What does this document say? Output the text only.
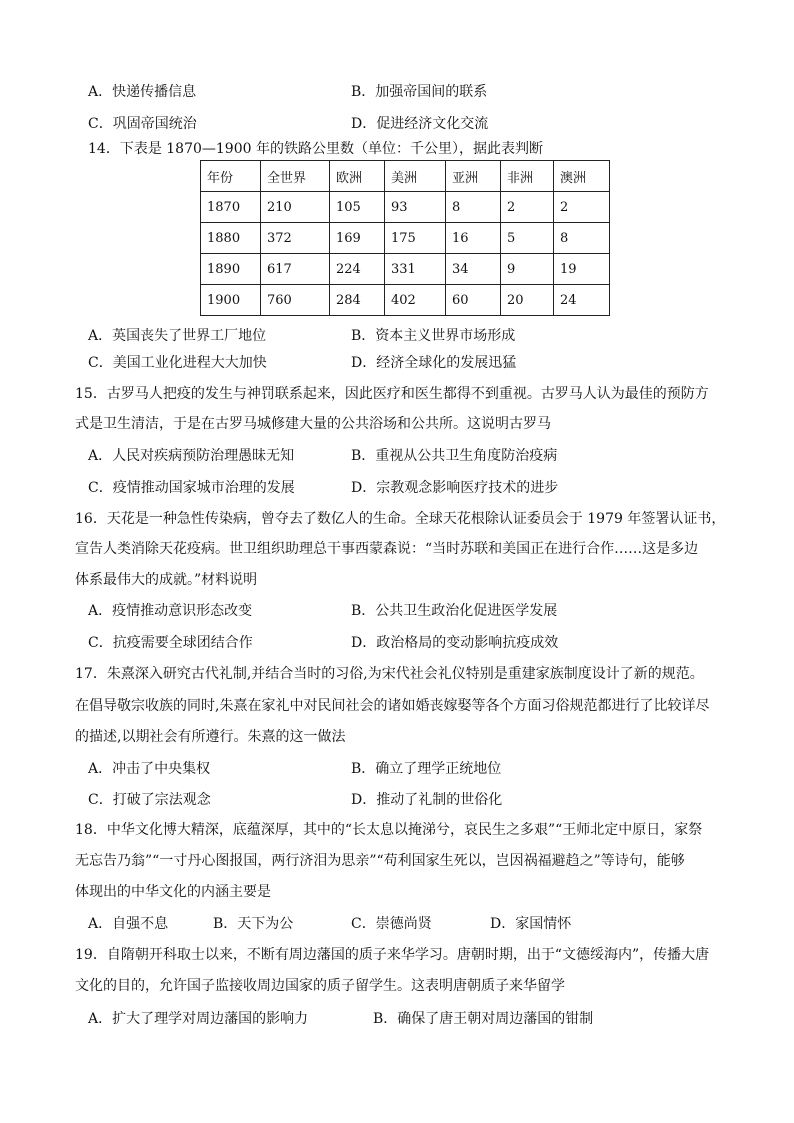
A．快递传播信息	B．加强帝国间的联系
C．巩固帝国统治	D．促进经济文化交流
14．下表是 1870—1900 年的铁路公里数（单位：千公里），据此表判断
年份	全世界	欧洲	美洲	亚洲	非洲	澳洲
1870	210	105	93	8	2	2
1880	372	169	175	16	5	8
1890	617	224	331	34	9	19
1900	760	284	402	60	20	24
A．英国丧失了世界工厂地位	B．资本主义世界市场形成
C．美国工业化进程大大加快	D．经济全球化的发展迅猛
15．古罗马人把疫的发生与神罚联系起来，因此医疗和医生都得不到重视。古罗马人认为最佳的预防方
式是卫生清洁，于是在古罗马城修建大量的公共浴场和公共所。这说明古罗马
A．人民对疾病预防治理愚昧无知	B．重视从公共卫生角度防治疫病
C．疫情推动国家城市治理的发展	D．宗教观念影响医疗技术的进步
16．天花是一种急性传染病，曾夺去了数亿人的生命。全球天花根除认证委员会于 1979 年签署认证书，
宣告人类消除天花疫病。世卫组织助理总干事西蒙森说：“当时苏联和美国正在进行合作……这是多边
体系最伟大的成就。”材料说明
A．疫情推动意识形态改变	B．公共卫生政治化促进医学发展
C．抗疫需要全球团结合作	D．政治格局的变动影响抗疫成效
17．朱熹深入研究古代礼制,并结合当时的习俗,为宋代社会礼仪特别是重建家族制度设计了新的规范。
在倡导敬宗收族的同时,朱熹在家礼中对民间社会的诸如婚丧嫁娶等各个方面习俗规范都进行了比较详尽
的描述,以期社会有所遵行。朱熹的这一做法
A．冲击了中央集权	B．确立了理学正统地位
C．打破了宗法观念	D．推动了礼制的世俗化
18．中华文化博大精深，底蕴深厚，其中的“长太息以掩涕兮，哀民生之多艰”“王师北定中原日，家祭
无忘告乃翁”“一寸丹心图报国，两行济泪为思亲”“苟利国家生死以，岂因祸福避趋之”等诗句，能够
体现出的中华文化的内涵主要是
A．自强不息	B．天下为公	C．崇德尚贤	D．家国情怀
19．自隋朝开科取士以来，不断有周边藩国的质子来华学习。唐朝时期，出于“文德绥海内”，传播大唐
文化的目的，允许国子监接收周边国家的质子留学生。这表明唐朝质子来华留学
A．扩大了理学对周边藩国的影响力	B．确保了唐王朝对周边藩国的钳制
